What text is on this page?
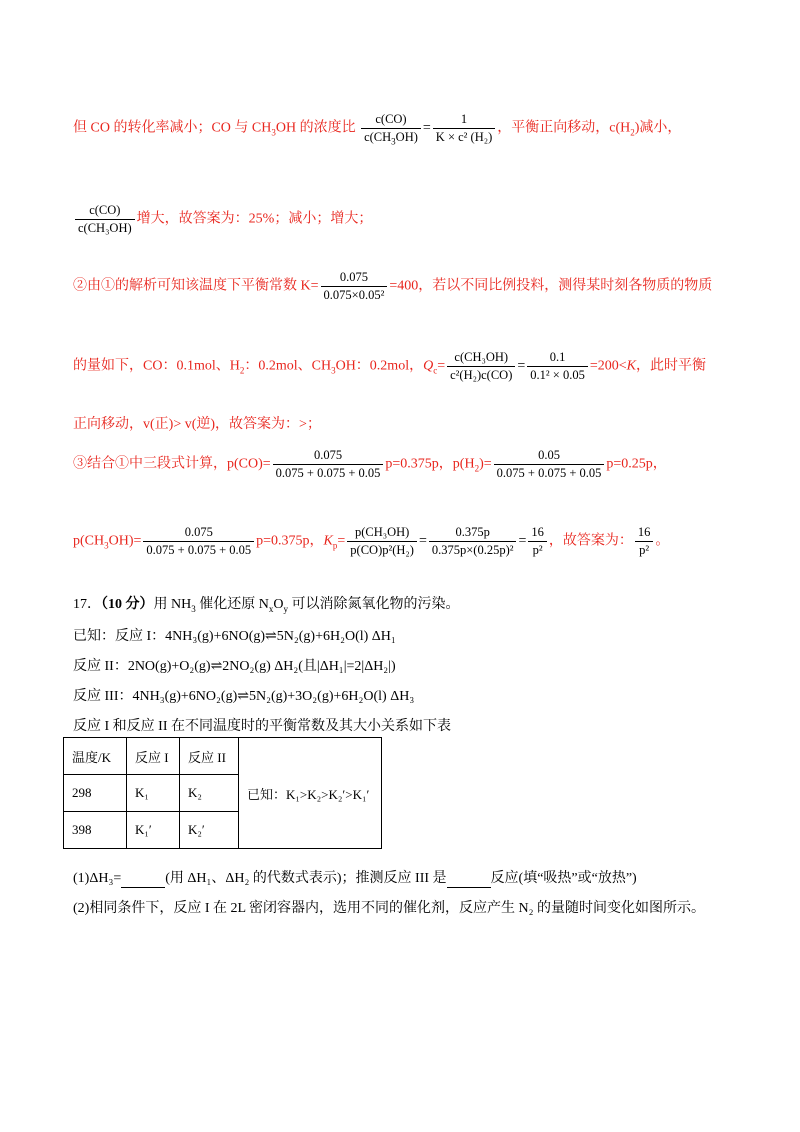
但 CO 的转化率减小；CO 与 $CH_3OH$ 的浓度比 $\frac{c(CO)}{c(CH_3OH)} = \frac{1}{\text{K × c² (H₂)}}$ ，平衡正向移动，$c(H_2)$减小，
$\frac{c(CO)}{\text{c(CH₃OH)}}$ 增大，故答案为：25%；减小；增大；
②由①的解析可知该温度下平衡常数 $K= \frac{0.075}{\text{0.075×0.05²}} =400$，若以不同比例投料，测得某时刻各物质的物质
的量如下，CO：0.1mol、$H_2$：0.2mol、$CH_3OH$：0.2mol，$Q_c= \frac{\text{c(CH₃OH)}}{\text{c²(H₂)c(CO)}} = \frac{0.1}{\text{0.1² × 0.05}} =200<K$，此时平衡
正向移动，v(正)> v(逆)，故答案为：>；
③结合①中三段式计算，$p(CO)= \frac{0.075}{0.075 + 0.075 + 0.05} p=0.375p$，$p(H_2)= \frac{0.05}{0.075 + 0.075 + 0.05} p=0.25p$，
$p(CH_3OH)= \frac{0.075}{0.075 + 0.075 + 0.05} p=0.375p$，$K_p= \frac{\text{p(CH₃OH)}}{\text{p(CO)p²(H₂)}} = \frac{0.375p}{\text{0.375p×(0.25p)²}} = \frac{16}{\text{p²}}$ ，故答案为： $\frac{16}{\text{p²}}$ 。
17．（10 分）用 $NH_3$ 催化还原 $N_xO_y$ 可以消除氮氧化物的污染。
已知：反应 I：4NH₃(g)+6NO(g)⇌5N₂(g)+6H₂O(l) ΔH₁
反应 II：2NO(g)+O₂(g)⇌2NO₂(g) ΔH₂(且|ΔH₁|=2|ΔH₂|)
反应 III：4NH₃(g)+6NO₂(g)⇌5N₂(g)+3O₂(g)+6H₂O(l) ΔH₃
反应 I 和反应 II 在不同温度时的平衡常数及其大小关系如下表
温度/K	反应 I	反应 II	已知：K₁>K₂>K₂′>K₁′
298	K₁	K₂	
398	K₁′	K₂′	
(1)ΔH₃=	(用 ΔH₁、ΔH₂ 的代数式表示)；推测反应 III 是	反应(填“吸热”或“放热”)
(2)相同条件下，反应 I 在 2L 密闭容器内，选用不同的催化剂，反应产生 N₂ 的量随时间变化如图所示。
